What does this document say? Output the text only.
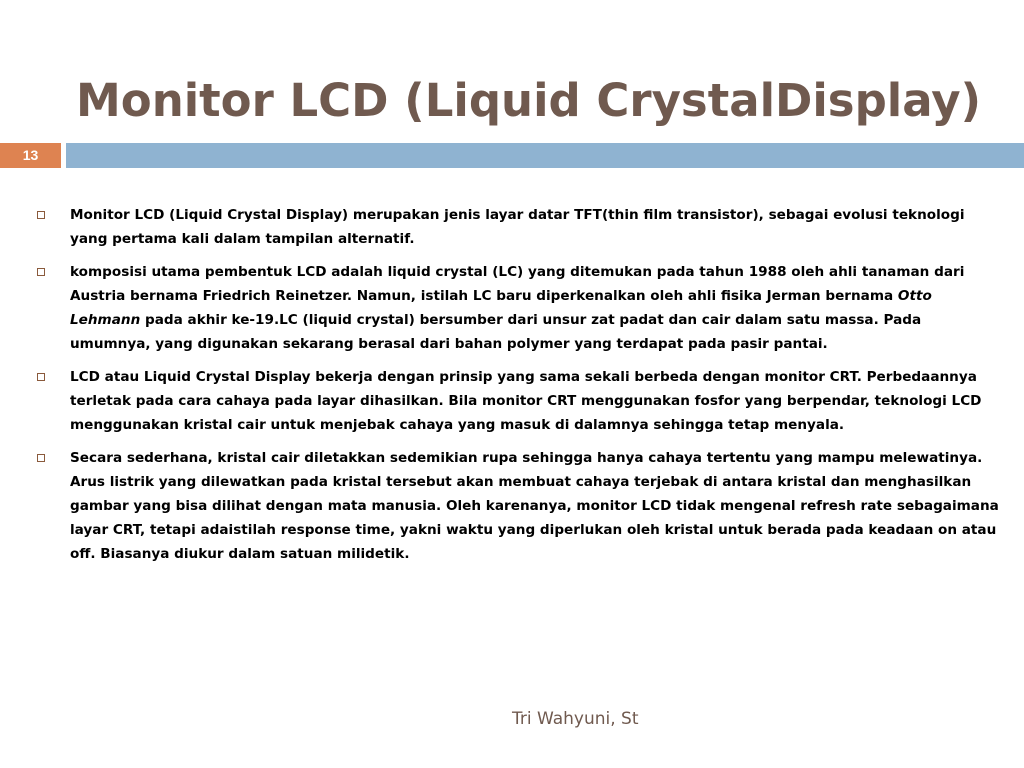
Monitor LCD (Liquid CrystalDisplay)
13
Monitor LCD (Liquid Crystal Display) merupakan jenis layar datar TFT(thin film transistor), sebagai evolusi teknologi yang pertama kali dalam tampilan alternatif.
komposisi utama pembentuk LCD adalah liquid crystal (LC) yang ditemukan pada tahun 1988 oleh ahli tanaman dari Austria bernama Friedrich Reinetzer. Namun, istilah LC baru diperkenalkan oleh ahli fisika Jerman bernama Otto Lehmann pada akhir ke-19.LC (liquid crystal) bersumber dari unsur zat padat dan cair dalam satu massa. Pada umumnya, yang digunakan sekarang berasal dari bahan polymer yang terdapat pada pasir pantai.
LCD atau Liquid Crystal Display bekerja dengan prinsip yang sama sekali berbeda dengan monitor CRT. Perbedaannya terletak pada cara cahaya pada layar dihasilkan. Bila monitor CRT menggunakan fosfor yang berpendar, teknologi LCD menggunakan kristal cair untuk menjebak cahaya yang masuk di dalamnya sehingga tetap menyala.
Secara sederhana, kristal cair diletakkan sedemikian rupa sehingga hanya cahaya tertentu yang mampu melewatinya. Arus listrik yang dilewatkan pada kristal tersebut akan membuat cahaya terjebak di antara kristal dan menghasilkan gambar yang bisa dilihat dengan mata manusia. Oleh karenanya, monitor LCD tidak mengenal refresh rate sebagaimana layar CRT, tetapi adaistilah response time, yakni waktu yang diperlukan oleh kristal untuk berada pada keadaan on atau off. Biasanya diukur dalam satuan milidetik.
Tri Wahyuni, St
